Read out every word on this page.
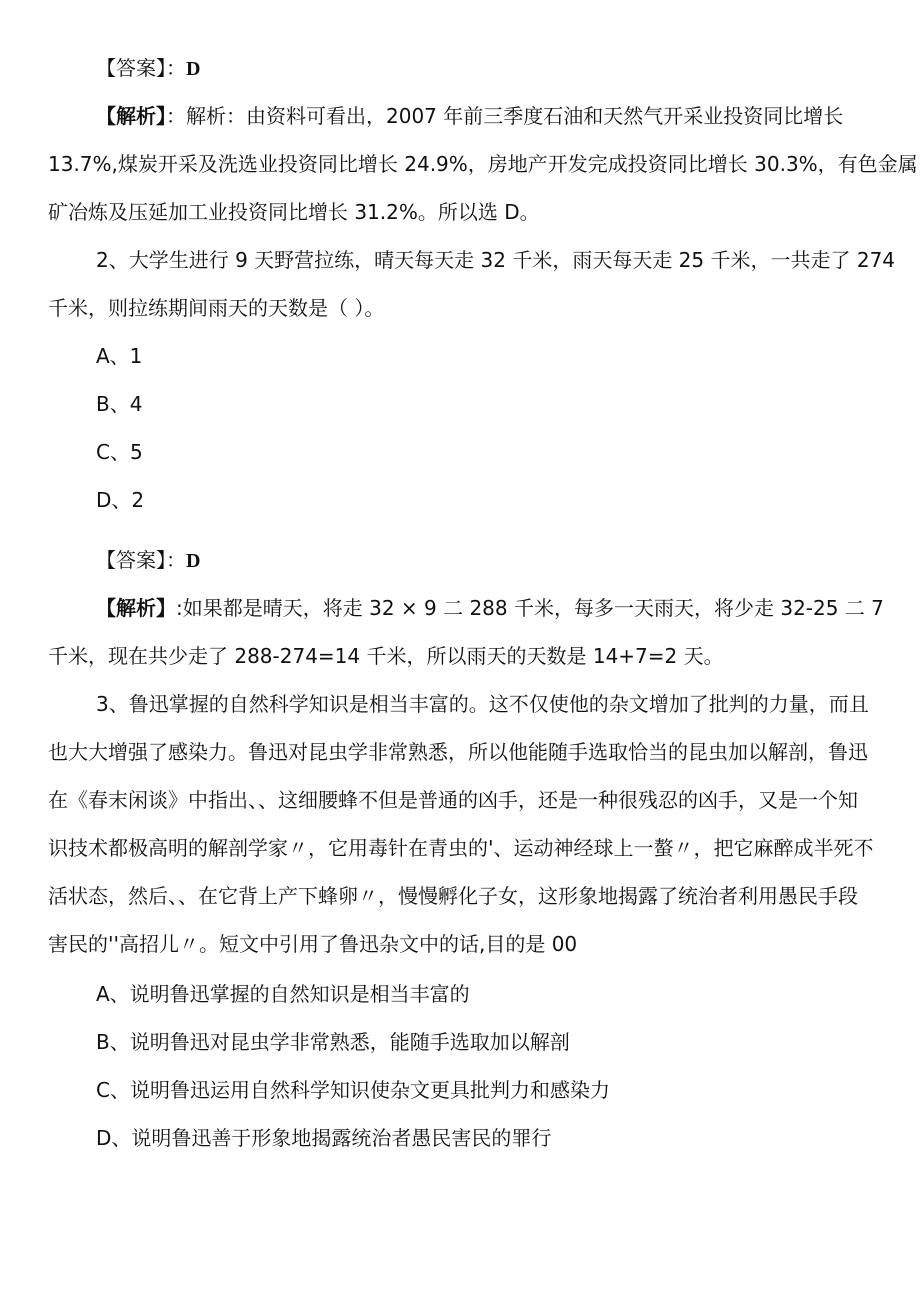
【答案】：D
【解析】：解析：由资料可看出，2007 年前三季度石油和天然气开采业投资同比增长
13.7%,煤炭开采及洗选业投资同比增长 24.9%，房地产开发完成投资同比增长 30.3%，有色金属
矿冶炼及压延加工业投资同比增长 31.2%。所以选 D。
2、大学生进行 9 天野营拉练，晴天每天走 32 千米，雨天每天走 25 千米，一共走了 274
千米，则拉练期间雨天的天数是（ ）。
A、1
B、4
C、5
D、2
【答案】：D
【解析】:如果都是晴天，将走 32 × 9 二 288 千米，每多一天雨天，将少走 32-25 二 7
千米，现在共少走了 288-274=14 千米，所以雨天的天数是 14+7=2 天。
3、鲁迅掌握的自然科学知识是相当丰富的。这不仅使他的杂文增加了批判的力量，而且
也大大增强了感染力。鲁迅对昆虫学非常熟悉，所以他能随手选取恰当的昆虫加以解剖，鲁迅
在《春末闲谈》中指出、、这细腰蜂不但是普通的凶手，还是一种很残忍的凶手，又是一个知
识技术都极高明的解剖学家〃，它用毒针在青虫的'、运动神经球上一螯〃，把它麻醉成半死不
活状态，然后、、在它背上产下蜂卵〃，慢慢孵化子女，这形象地揭露了统治者利用愚民手段
害民的''高招儿〃。短文中引用了鲁迅杂文中的话,目的是 00
A、说明鲁迅掌握的自然知识是相当丰富的
B、说明鲁迅对昆虫学非常熟悉，能随手选取加以解剖
C、说明鲁迅运用自然科学知识使杂文更具批判力和感染力
D、说明鲁迅善于形象地揭露统治者愚民害民的罪行
